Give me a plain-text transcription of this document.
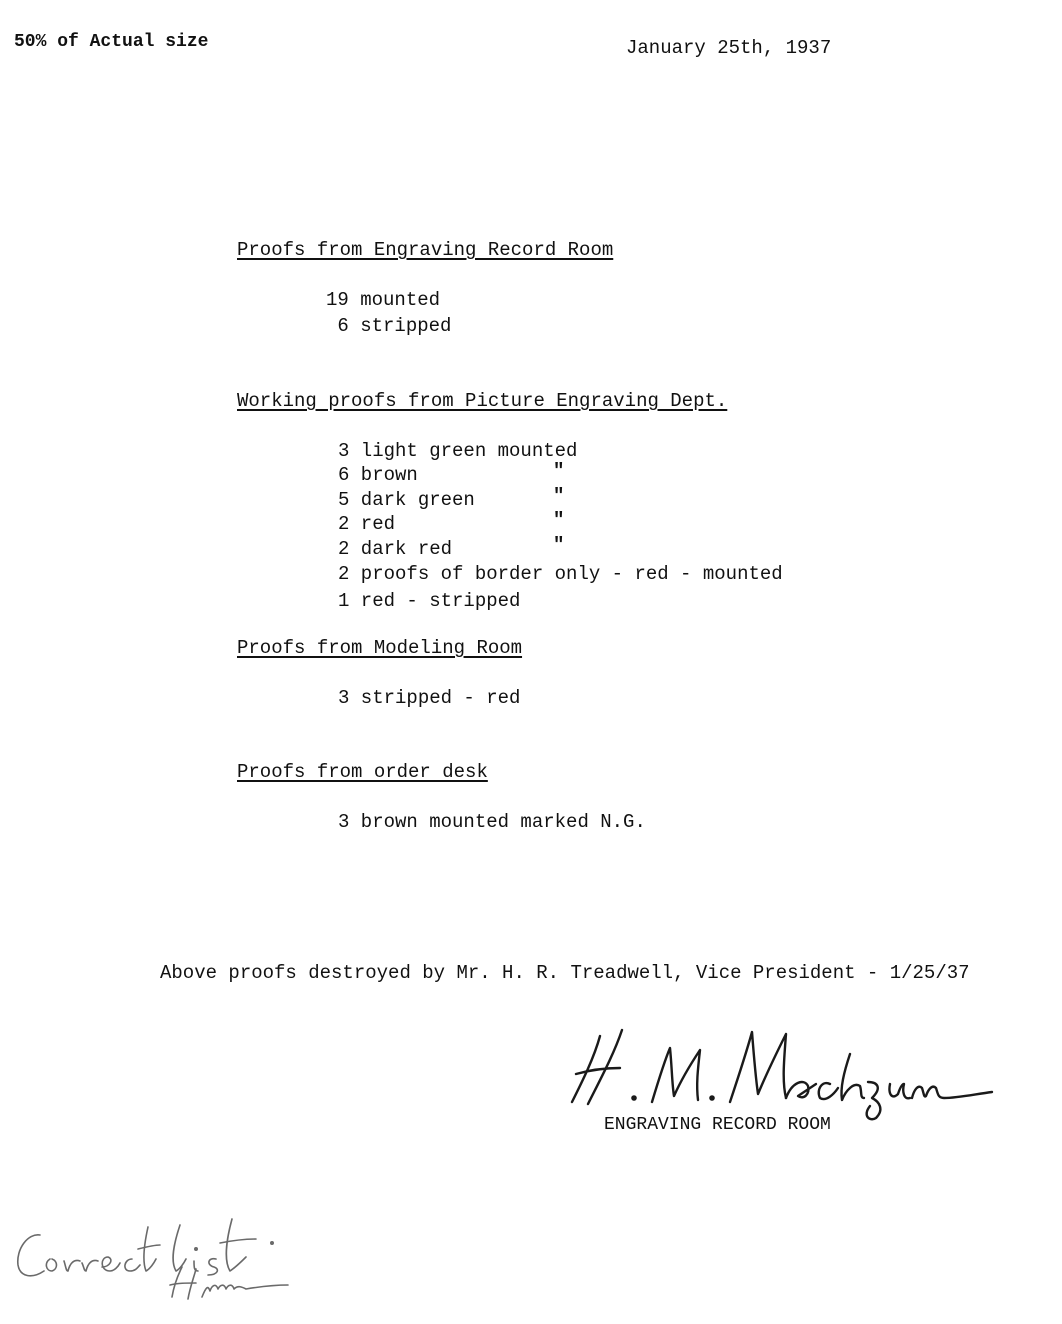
50% of Actual size	January 25th, 1937
Proofs from Engraving Record Room
19 mounted
6 stripped
Working proofs from Picture Engraving Dept.
3 light green mounted
6 brown	"
5 dark green	"
2 red	"
2 dark red	"
2 proofs of border only - red - mounted
1 red - stripped
Proofs from Modeling Room
3 stripped - red
Proofs from order desk
3 brown mounted marked N.G.
Above proofs destroyed by Mr. H. R. Treadwell, Vice President - 1/25/37
ENGRAVING RECORD ROOM
